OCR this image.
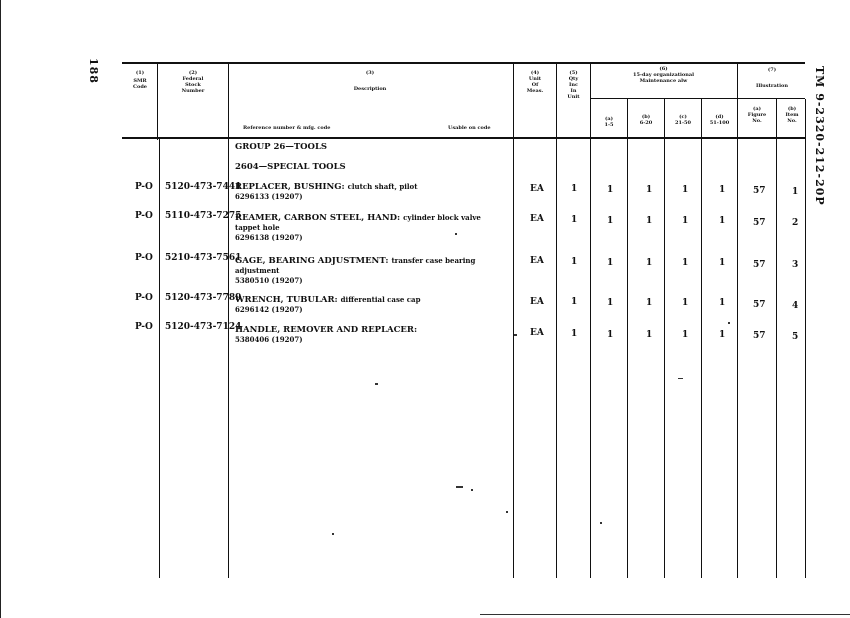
188	TM 9-2320-212-20P
(1)
SMR
Code
(2)
Federal
Stock
Number
(3)
Description
Reference number & mfg. code	Usable on code
(4)
Unit
Of
Meas.
(5)
Qty
Inc
In
Unit
(6)
15-day organizational
Maintenance alw
(a)
1-5
(b)
6-20
(c)
21-50
(d)
51-100
(7)
Illustration
(a)
Figure
No.
(b)
Item
No.
GROUP 26—TOOLS
2604—SPECIAL TOOLS
P-O 5120-473-7441
REPLACER, BUSHING: clutch shaft, pilot
6296133 (19207)
EA	1	1	1	1	1	57	1
P-O 5110-473-7275
REAMER, CARBON STEEL, HAND: cylinder block valve tappet hole
6296138 (19207)
EA	1	1	1	1	1	57	2
P-O 5210-473-7561
GAGE, BEARING ADJUSTMENT: transfer case bearing adjustment
5380510 (19207)
EA	1	1	1	1	1	57	3
P-O 5120-473-7789
WRENCH, TUBULAR: differential case cap
6296142 (19207)
EA	1	1	1	1	1	57	4
P-O 5120-473-7124
HANDLE, REMOVER AND REPLACER:
5380406 (19207)
EA	1	1	1	1	1	57	5
